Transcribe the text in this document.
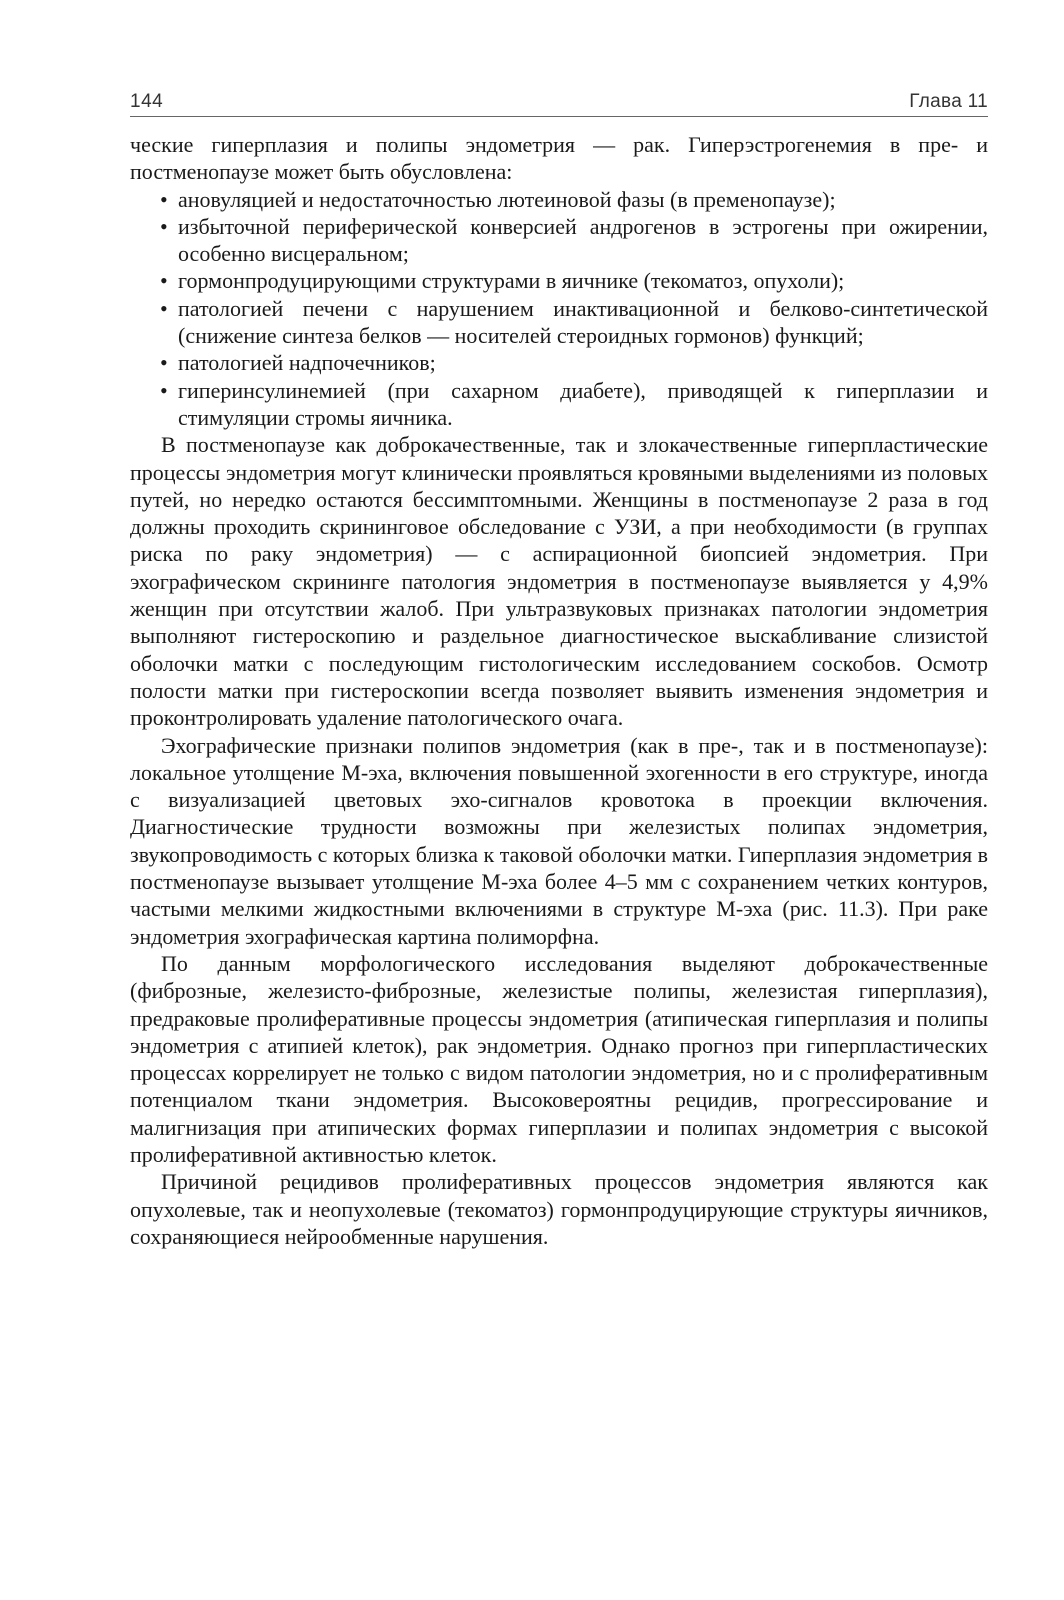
144	Глава 11

ческие гиперплазия и полипы эндометрия — рак. Гиперэстрогенемия в пре- и постменопаузе может быть обусловлена:

• ановуляцией и недостаточностью лютеиновой фазы (в пременопаузе);
• избыточной периферической конверсией андрогенов в эстрогены при ожирении, особенно висцеральном;
• гормонпродуцирующими структурами в яичнике (текоматоз, опухоли);
• патологией печени с нарушением инактивационной и белково-синтетической (снижение синтеза белков — носителей стероидных гормонов) функций;
• патологией надпочечников;
• гиперинсулинемией (при сахарном диабете), приводящей к гиперплазии и стимуляции стромы яичника.

В постменопаузе как доброкачественные, так и злокачественные гиперпластические процессы эндометрия могут клинически проявляться кровяными выделениями из половых путей, но нередко остаются бессимптомными. Женщины в постменопаузе 2 раза в год должны проходить скрининговое обследование с УЗИ, а при необходимости (в группах риска по раку эндометрия) — с аспирационной биопсией эндометрия. При эхографическом скрининге патология эндометрия в постменопаузе выявляется у 4,9% женщин при отсутствии жалоб. При ультразвуковых признаках патологии эндометрия выполняют гистероскопию и раздельное диагностическое выскабливание слизистой оболочки матки с последующим гистологическим исследованием соскобов. Осмотр полости матки при гистероскопии всегда позволяет выявить изменения эндометрия и проконтролировать удаление патологического очага.

Эхографические признаки полипов эндометрия (как в пре-, так и в постменопаузе): локальное утолщение М-эха, включения повышенной эхогенности в его структуре, иногда с визуализацией цветовых эхо-сигналов кровотока в проекции включения. Диагностические трудности возможны при железистых полипах эндометрия, звукопроводимость с которых близка к таковой оболочки матки. Гиперплазия эндометрия в постменопаузе вызывает утолщение М-эха более 4–5 мм с сохранением четких контуров, частыми мелкими жидкостными включениями в структуре М-эха (рис. 11.3). При раке эндометрия эхографическая картина полиморфна.

По данным морфологического исследования выделяют доброкачественные (фиброзные, железисто-фиброзные, железистые полипы, железистая гиперплазия), предраковые пролиферативные процессы эндометрия (атипическая гиперплазия и полипы эндометрия с атипией клеток), рак эндометрия. Однако прогноз при гиперпластических процессах коррелирует не только с видом патологии эндометрия, но и с пролиферативным потенциалом ткани эндометрия. Высоковероятны рецидив, прогрессирование и малигнизация при атипических формах гиперплазии и полипах эндометрия с высокой пролиферативной активностью клеток.

Причиной рецидивов пролиферативных процессов эндометрия являются как опухолевые, так и неопухолевые (текоматоз) гормонпродуцирующие структуры яичников, сохраняющиеся нейрообменные нарушения.
